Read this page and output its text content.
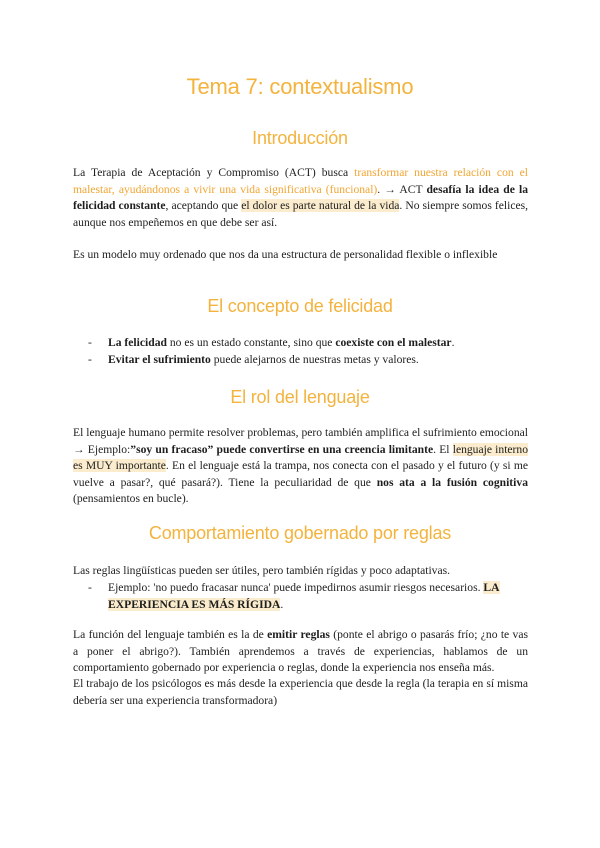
Tema 7: contextualismo
Introducción

La Terapia de Aceptación y Compromiso (ACT) busca transformar nuestra relación con el malestar, ayudándonos a vivir una vida significativa (funcional). → ACT desafía la idea de la felicidad constante, aceptando que el dolor es parte natural de la vida. No siempre somos felices, aunque nos empeñemos en que debe ser así.

Es un modelo muy ordenado que nos da una estructura de personalidad flexible o inflexible

El concepto de felicidad
- La felicidad no es un estado constante, sino que coexiste con el malestar.
- Evitar el sufrimiento puede alejarnos de nuestras metas y valores.
El rol del lenguaje

El lenguaje humano permite resolver problemas, pero también amplifica el sufrimiento emocional → Ejemplo:”soy un fracaso” puede convertirse en una creencia limitante. El lenguaje interno es MUY importante. En el lenguaje está la trampa, nos conecta con el pasado y el futuro (y si me vuelve a pasar?, qué pasará?). Tiene la peculiaridad de que nos ata a la fusión cognitiva (pensamientos en bucle).

Comportamiento gobernado por reglas

Las reglas lingüísticas pueden ser útiles, pero también rígidas y poco adaptativas.

- Ejemplo: 'no puedo fracasar nunca' puede impedirnos asumir riesgos necesarios. LA EXPERIENCIA ES MÁS RÍGIDA.

La función del lenguaje también es la de emitir reglas (ponte el abrigo o pasarás frío; ¿no te vas a poner el abrigo?). También aprendemos a través de experiencias, hablamos de un comportamiento gobernado por experiencia o reglas, donde la experiencia nos enseña más.

El trabajo de los psicólogos es más desde la experiencia que desde la regla (la terapia en sí misma debería ser una experiencia transformadora)
